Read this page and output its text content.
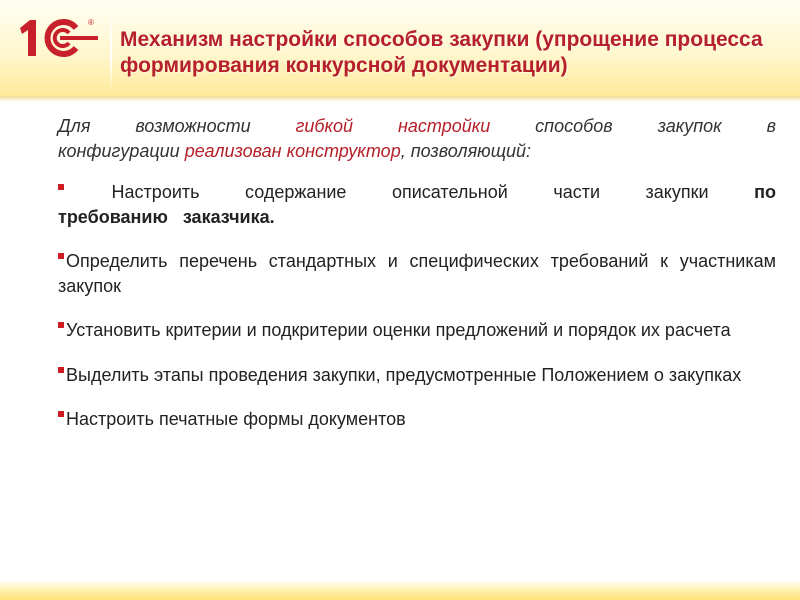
®
Механизм настройки способов закупки (упрощение процесса формирования конкурсной документации)

Для возможности гибкой настройки способов закупок в
конфигурации реализован конструктор, позволяющий:

Настроить содержание описательной части закупки по
требованию   заказчика.

Определить перечень стандартных и специфических требований к участникам закупок

Установить критерии и подкритерии оценки предложений и порядок их расчета

Выделить этапы проведения закупки, предусмотренные Положением о закупках

Настроить печатные формы документов
